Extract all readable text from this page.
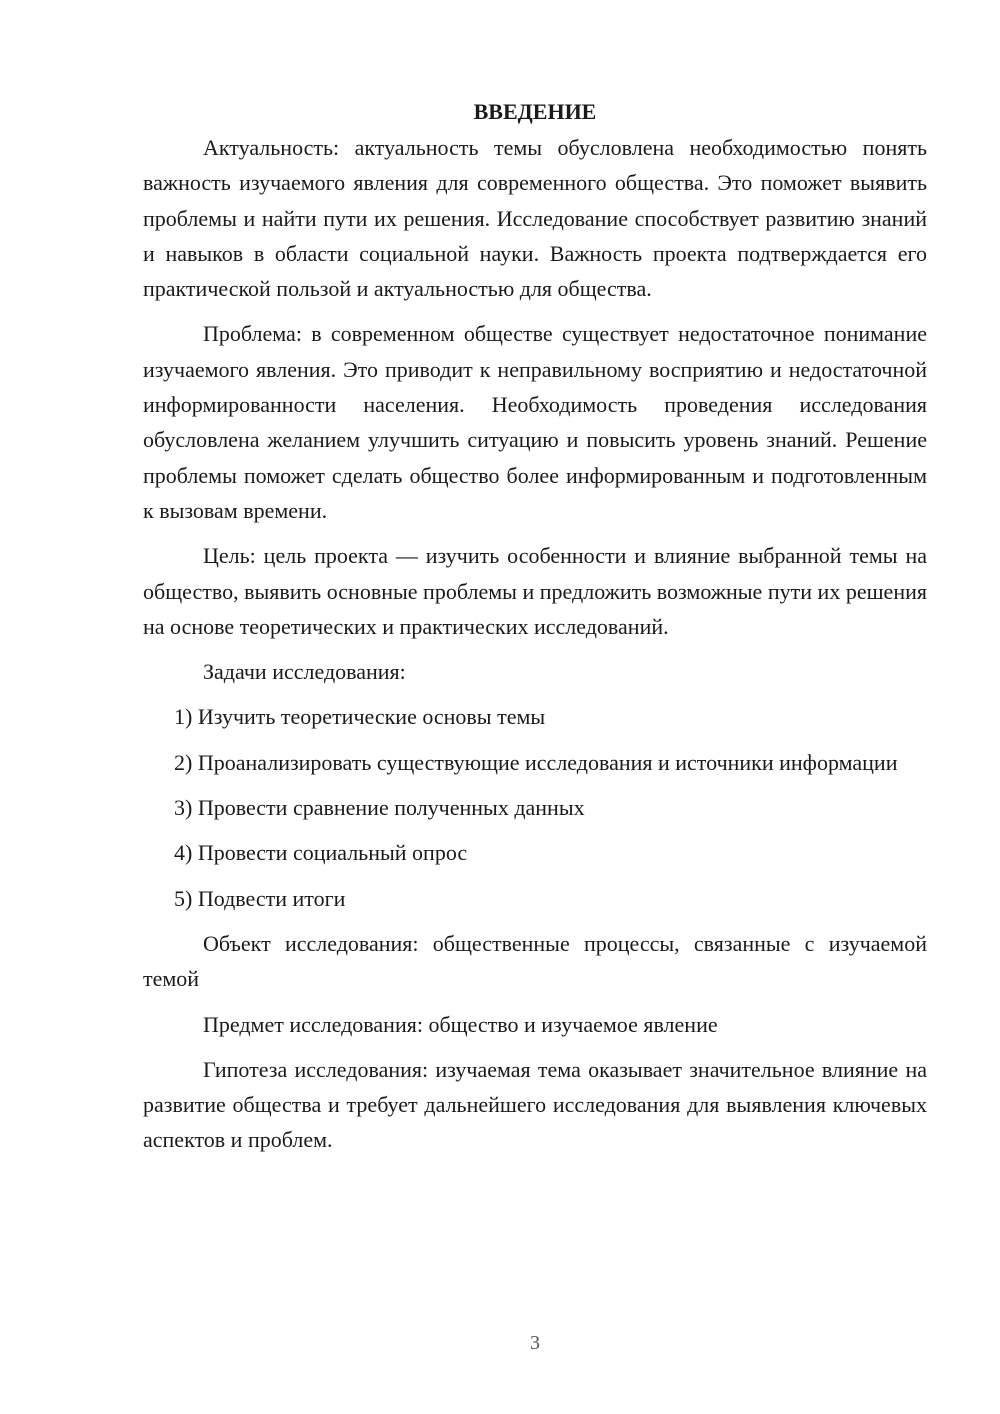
ВВЕДЕНИЕ

Актуальность: актуальность темы обусловлена необходимостью понять важность изучаемого явления для современного общества. Это поможет выявить проблемы и найти пути их решения. Исследование способствует развитию знаний и навыков в области социальной науки. Важность проекта подтверждается его практической пользой и актуальностью для общества.

Проблема: в современном обществе существует недостаточное понимание изучаемого явления. Это приводит к неправильному восприятию и недостаточной информированности населения. Необходимость проведения исследования обусловлена желанием улучшить ситуацию и повысить уровень знаний. Решение проблемы поможет сделать общество более информированным и подготовленным к вызовам времени.

Цель: цель проекта — изучить особенности и влияние выбранной темы на общество, выявить основные проблемы и предложить возможные пути их решения на основе теоретических и практических исследований.

Задачи исследования:

1) Изучить теоретические основы темы

2) Проанализировать существующие исследования и источники информации

3) Провести сравнение полученных данных

4) Провести социальный опрос

5) Подвести итоги

Объект исследования: общественные процессы, связанные с изучаемой темой

Предмет исследования: общество и изучаемое явление

Гипотеза исследования: изучаемая тема оказывает значительное влияние на развитие общества и требует дальнейшего исследования для выявления ключевых аспектов и проблем.

3
